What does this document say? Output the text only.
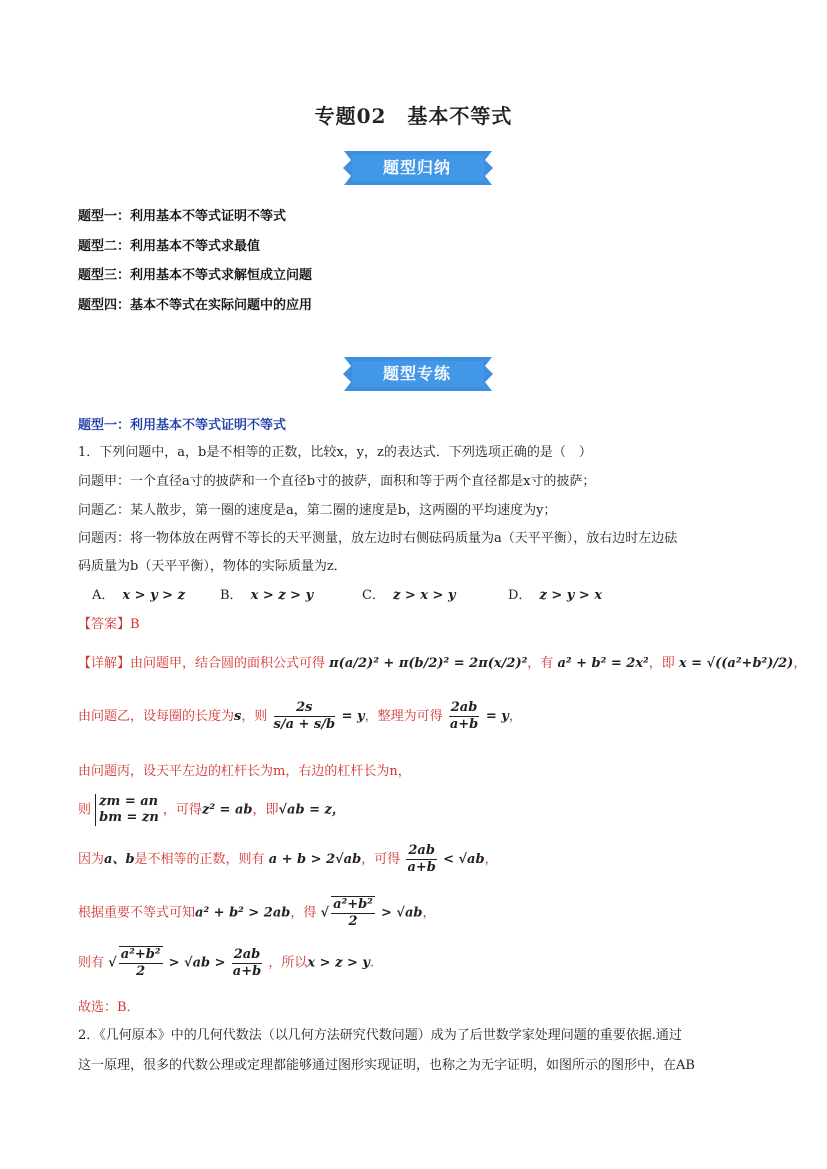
专题02　基本不等式
题型归纳
题型一：利用基本不等式证明不等式
题型二：利用基本不等式求最值
题型三：利用基本不等式求解恒成立问题
题型四：基本不等式在实际问题中的应用
题型专练
题型一：利用基本不等式证明不等式
1．下列问题中，a，b是不相等的正数，比较x，y，z的表达式．下列选项正确的是（　）
问题甲：一个直径a寸的披萨和一个直径b寸的披萨，面积和等于两个直径都是x寸的披萨；
问题乙：某人散步，第一圈的速度是a，第二圈的速度是b，这两圈的平均速度为y；
问题丙：将一物体放在两臂不等长的天平测量，放左边时右侧砝码质量为a（天平平衡），放右边时左边砝
码质量为b（天平平衡），物体的实际质量为z．
A． x > y > z	B． x > z > y	C． z > x > y	D． z > y > x
【答案】B
【详解】由问题甲，结合圆的面积公式可得 π(a/2)² + π(b/2)² = 2π(x/2)²，有 a² + b² = 2x²，即 x = √((a²+b²)/2)，
由问题乙，设每圈的长度为s，则 $\frac{2s}{s/a + s/b} = y$，整理为可得 $\frac{2ab}{a+b} = y$，
由问题丙，设天平左边的杠杆长为m，右边的杠杆长为n，
则
zm = an
bm = zn ，可得z² = ab，即√ab = z，
因为a、b是不相等的正数，则有 a + b > 2√ab，可得 $\frac{2ab}{a+b} < √ab$，
根据重要不等式可知a² + b² > 2ab，得 √ $\frac{\text{a²+b²}}{2} > √ab$，
则有 √ $\frac{\text{a²+b²}}{2} > √ab > \frac{2ab}{a+b}$ ，所以x > z > y.
故选：B．
2．《几何原本》中的几何代数法（以几何方法研究代数问题）成为了后世数学家处理问题的重要依据.通过
这一原理，很多的代数公理或定理都能够通过图形实现证明，也称之为无字证明，如图所示的图形中，在AB
